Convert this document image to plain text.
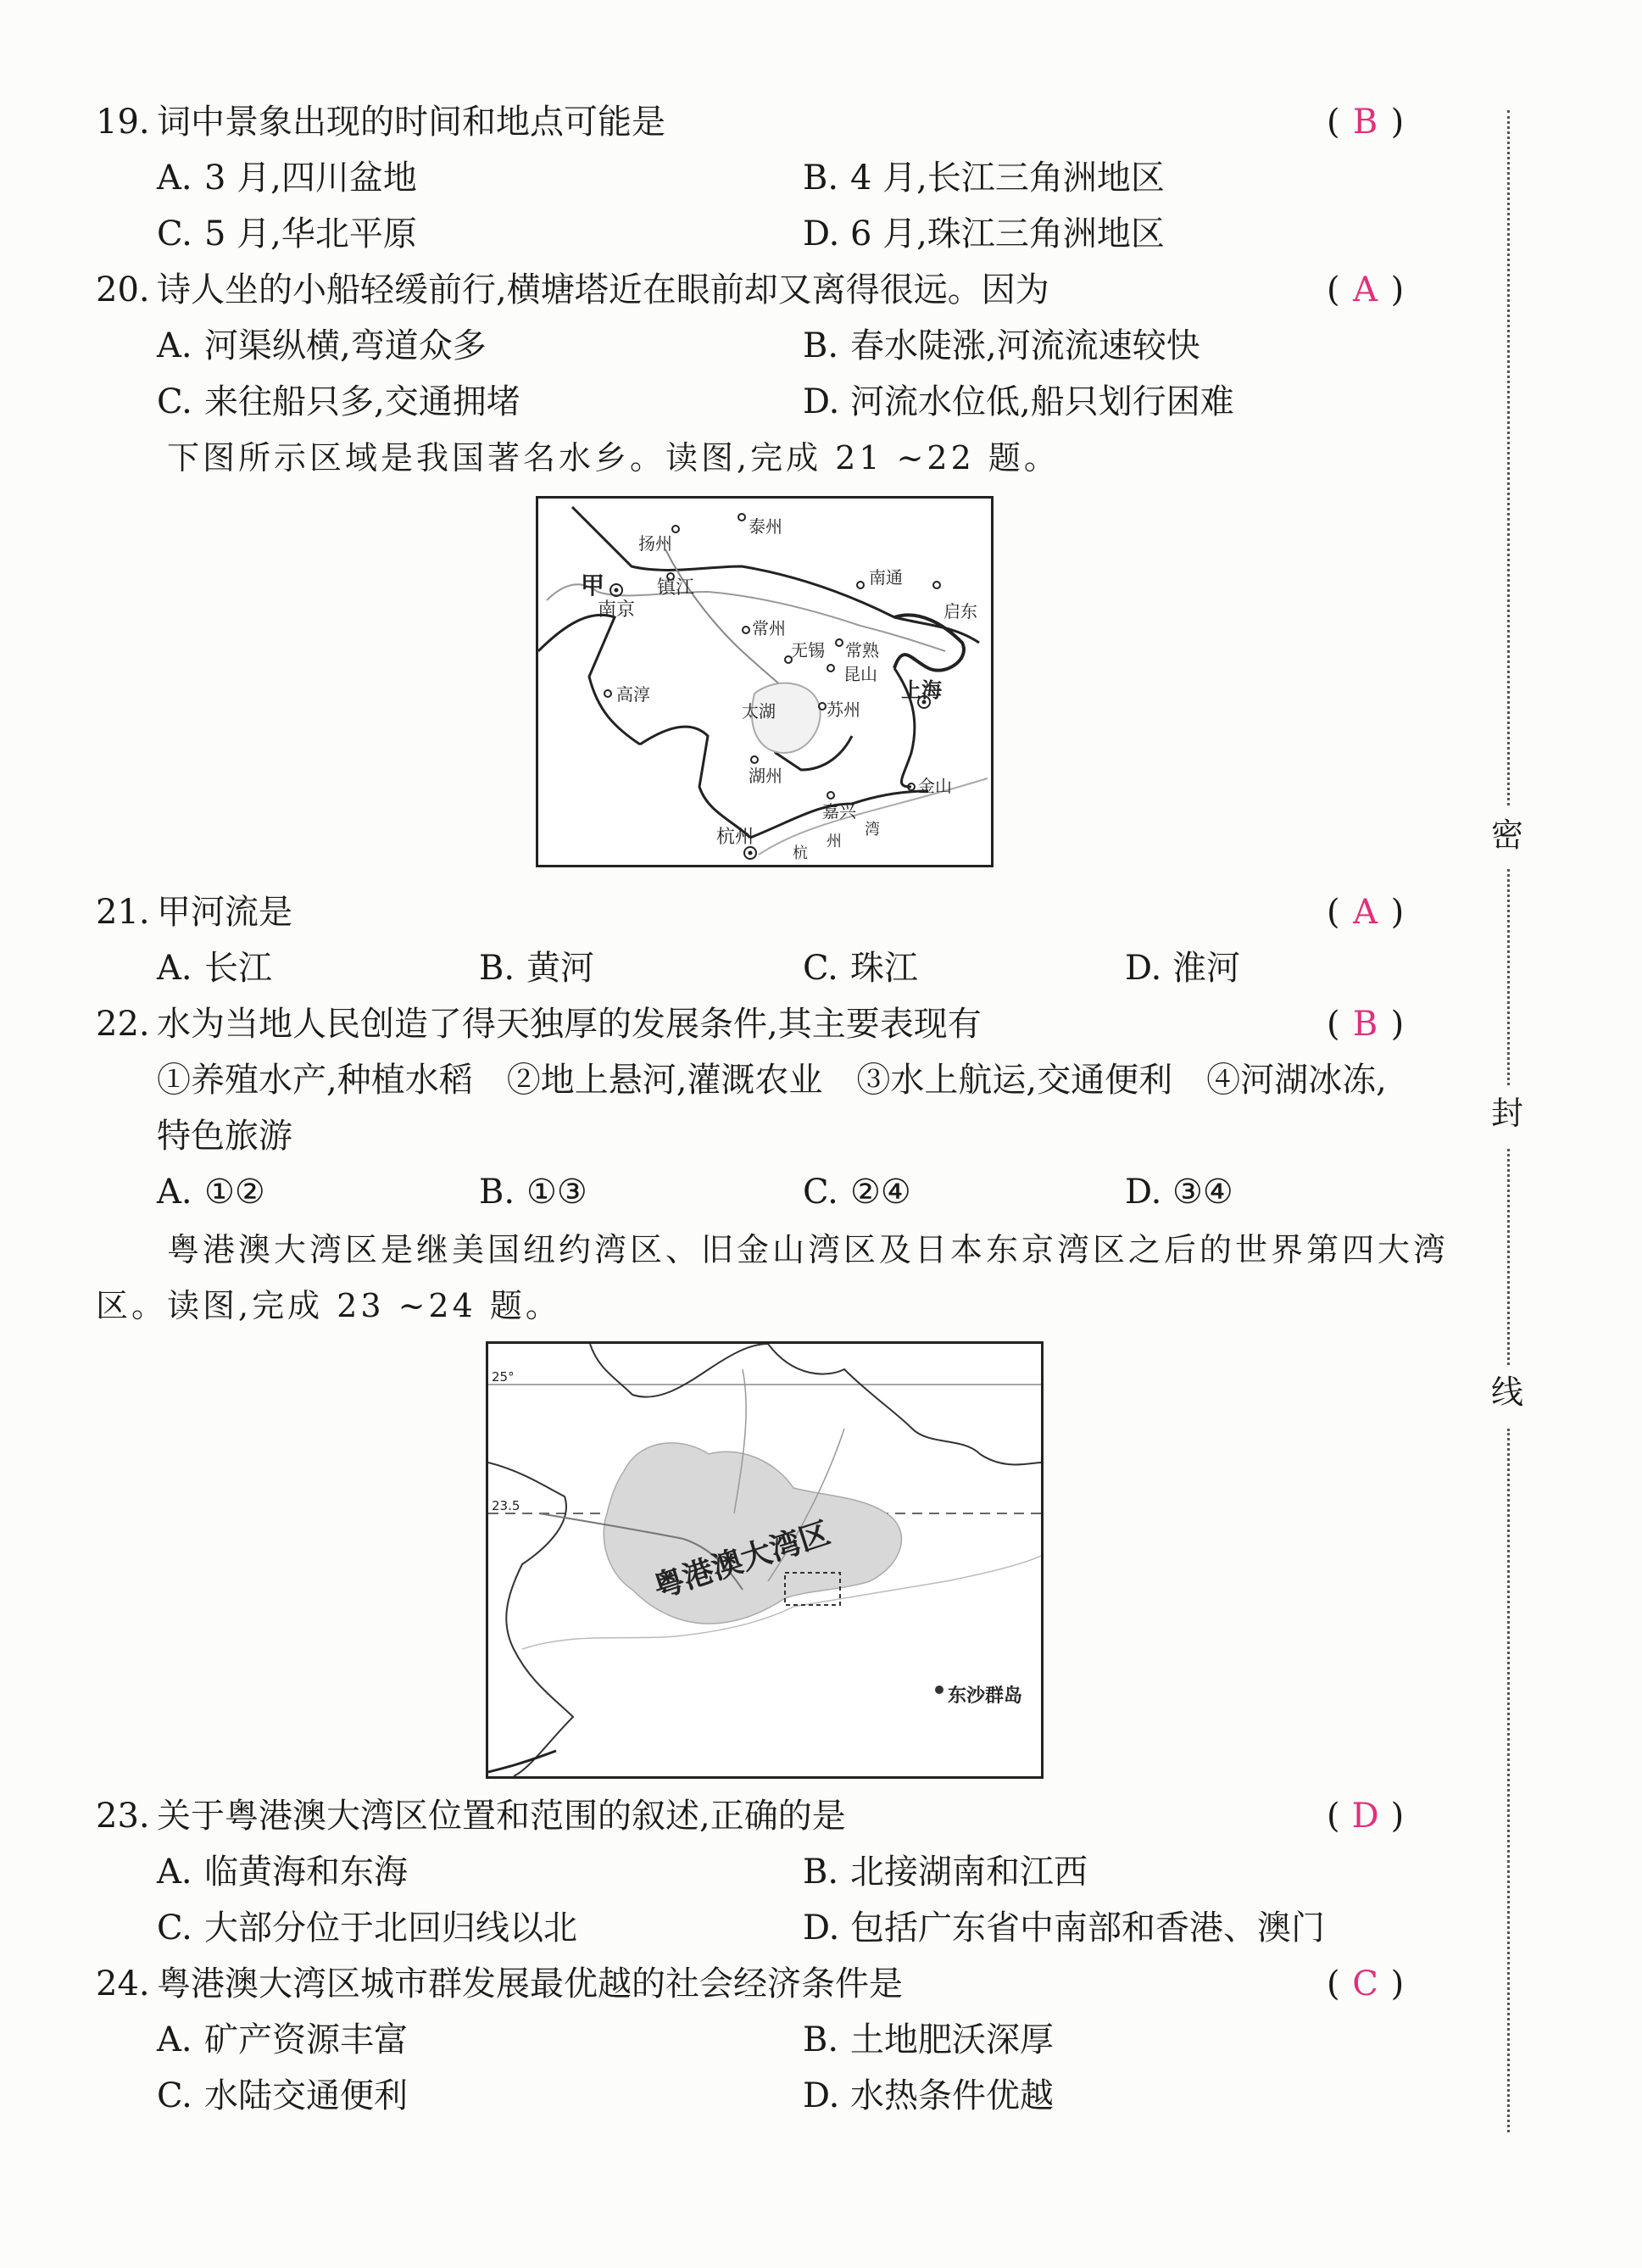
19. 词中景象出现的时间和地点可能是	( B )
A. 3 月,四川盆地	B. 4 月,长江三角洲地区
C. 5 月,华北平原	D. 6 月,珠江三角洲地区
20. 诗人坐的小船轻缓前行,横塘塔近在眼前却又离得很远。因为	( A )
A. 河渠纵横,弯道众多	B. 春水陡涨,河流流速较快
C. 来往船只多,交通拥堵	D. 河流水位低,船只划行困难
下图所示区域是我国著名水乡。读图,完成 21 ~22 题。
甲
南京
扬州
泰州
镇江	南通
启东
常州
无锡 常熟
昆山
高淳
太湖	苏州
上海
湖州	金山
嘉兴
杭州
杭
州
湾
21. 甲河流是	( A )
A. 长江	B. 黄河	C. 珠江	D. 淮河
22. 水为当地人民创造了得天独厚的发展条件,其主要表现有	( B )
①养殖水产,种植水稻　②地上悬河,灌溉农业　③水上航运,交通便利　④河湖冰冻,
特色旅游
A. ①②	B. ①③	C. ②④	D. ③④
粤港澳大湾区是继美国纽约湾区、旧金山湾区及日本东京湾区之后的世界第四大湾
区。读图,完成 23 ~24 题。
25°
23.5
粤港澳大湾区
东沙群岛
23. 关于粤港澳大湾区位置和范围的叙述,正确的是	( D )
A. 临黄海和东海	B. 北接湖南和江西
C. 大部分位于北回归线以北	D. 包括广东省中南部和香港、澳门
24. 粤港澳大湾区城市群发展最优越的社会经济条件是	( C )
A. 矿产资源丰富	B. 土地肥沃深厚
C. 水陆交通便利	D. 水热条件优越
密
封
线
